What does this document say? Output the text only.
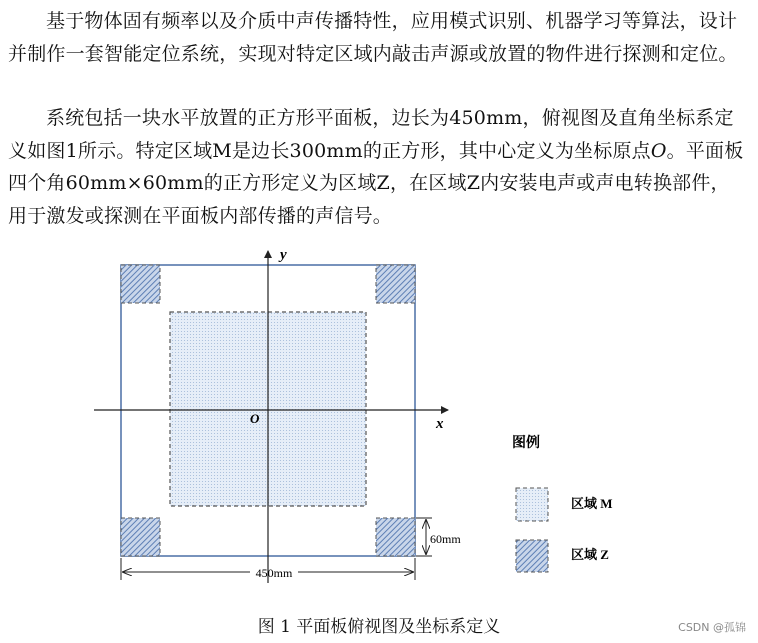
基于物体固有频率以及介质中声传播特性，应用模式识别、机器学习等算法，设计并制作一套智能定位系统，实现对特定区域内敲击声源或放置的物件进行探测和定位。

系统包括一块水平放置的正方形平面板，边长为450mm，俯视图及直角坐标系定义如图1所示。特定区域M是边长300mm的正方形，其中心定义为坐标原点O。平面板四个角60mm×60mm的正方形定义为区域Z，在区域Z内安装电声或声电转换部件，用于激发或探测在平面板内部传播的声信号。

y
x
O
450mm
60mm
图例
区域 M
区域 Z
图 1 平面板俯视图及坐标系定义	CSDN @孤锦
